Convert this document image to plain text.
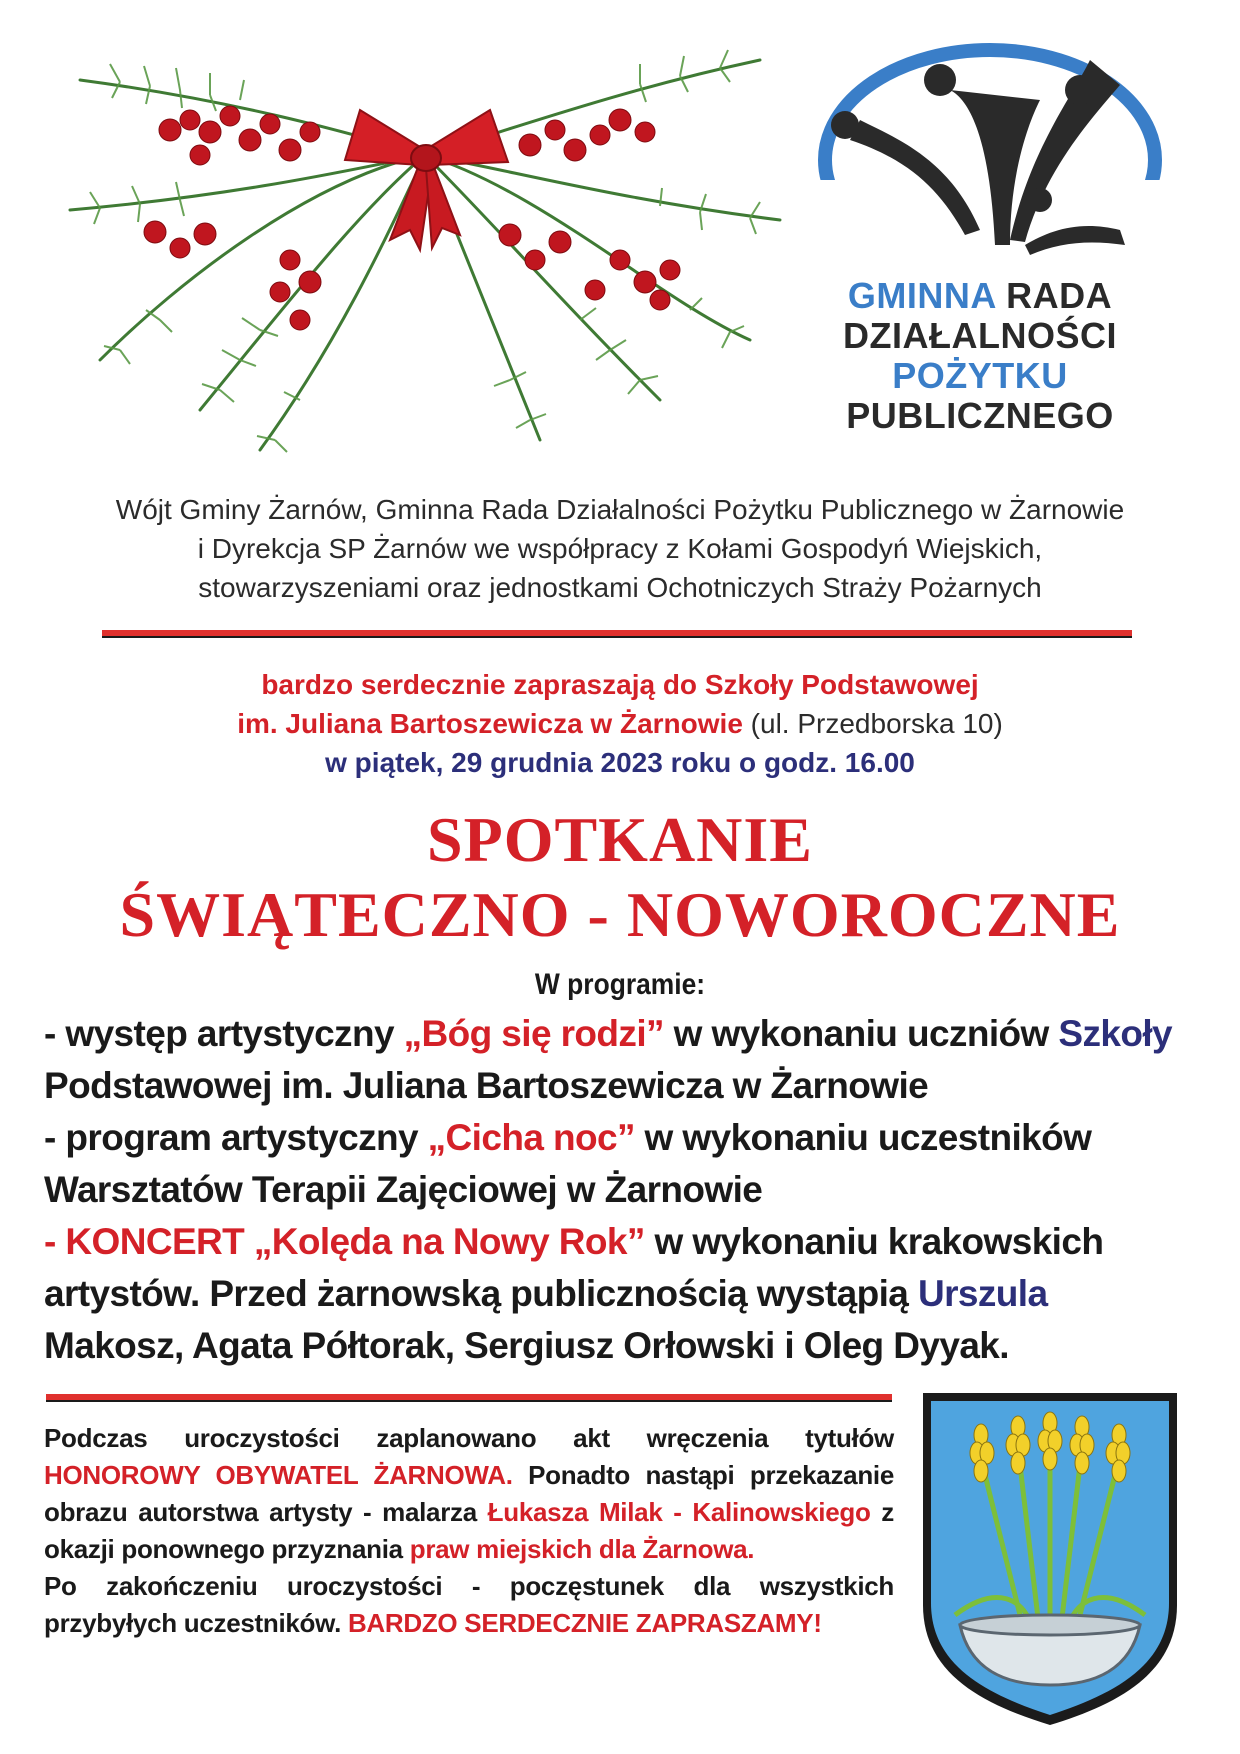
GMINNA RADA
DZIAŁALNOŚCI
POŻYTKU
PUBLICZNEGO
Wójt Gminy Żarnów, Gminna Rada Działalności Pożytku Publicznego w Żarnowie
i Dyrekcja SP Żarnów we współpracy z Kołami Gospodyń Wiejskich,
stowarzyszeniami oraz jednostkami Ochotniczych Straży Pożarnych
bardzo serdecznie zapraszają do Szkoły Podstawowej
im. Juliana Bartoszewicza w Żarnowie (ul. Przedborska 10)
w piątek, 29 grudnia 2023 roku o godz. 16.00
SPOTKANIE
ŚWIĄTECZNO - NOWOROCZNE
W programie:
- występ artystyczny „Bóg się rodzi” w wykonaniu uczniów Szkoły
Podstawowej im. Juliana Bartoszewicza w Żarnowie
- program artystyczny „Cicha noc” w wykonaniu uczestników
Warsztatów Terapii Zajęciowej w Żarnowie
- KONCERT „Kolęda na Nowy Rok” w wykonaniu krakowskich
artystów. Przed żarnowską publicznością wystąpią Urszula
Makosz, Agata Półtorak, Sergiusz Orłowski i Oleg Dyyak.

Podczas uroczystości zaplanowano akt wręczenia tytułów HONOROWY OBYWATEL ŻARNOWA. Ponadto nastąpi przekazanie obrazu autorstwa artysty - malarza Łukasza Milak - Kalinowskiego z okazji ponownego przyznania praw miejskich dla Żarnowa.

Po zakończeniu uroczystości - poczęstunek dla wszystkich przybyłych uczestników. BARDZO SERDECZNIE ZAPRASZAMY!
